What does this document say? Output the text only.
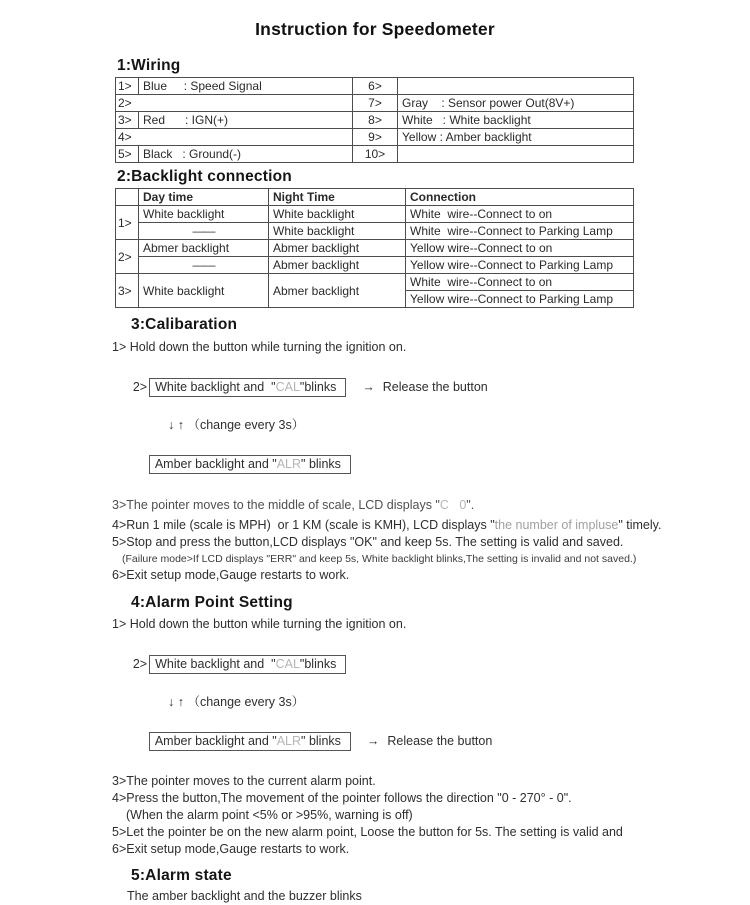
Instruction for Speedometer
1:Wiring
1>	Blue     : Speed Signal	6>	
2>		7>	Gray    : Sensor power Out(8V+)
3>	Red      : IGN(+)	8>	White   : White backlight
4>		9>	Yellow : Amber backlight
5>	Black   : Ground(-)	10>	
2:Backlight connection
	Day time	Night Time	Connection
1>	White backlight	White backlight	White  wire--Connect to on
	——	White backlight	White  wire--Connect to Parking Lamp
2>	Abmer backlight	Abmer backlight	Yellow wire--Connect to on
	——	Abmer backlight	Yellow wire--Connect to Parking Lamp
3>	White backlight	Abmer backlight	White  wire--Connect to on
			Yellow wire--Connect to Parking Lamp
3:Calibaration
1> Hold down the button while turning the ignition on.

2> White backlight and  "CAL"blinks → Release the button

↓ ↑ （change every 3s）

Amber backlight and "ALR" blinks

3>The pointer moves to the middle of scale, LCD displays "C   0".
4>Run 1 mile (scale is MPH)  or 1 KM (scale is KMH), LCD displays "the number of impluse" timely.
5>Stop and press the button,LCD displays "OK" and keep 5s. The setting is valid and saved.
(Failure mode>If LCD displays "ERR" and keep 5s, White backlight blinks,The setting is invalid and not saved.)
6>Exit setup mode,Gauge restarts to work.
4:Alarm Point Setting
1> Hold down the button while turning the ignition on.

2> White backlight and  "CAL"blinks

↓ ↑ （change every 3s）

Amber backlight and "ALR" blinks → Release the button

3>The pointer moves to the current alarm point.
4>Press the button,The movement of the pointer follows the direction "0 - 270° - 0".
(When the alarm point <5% or >95%, warning is off)
5>Let the pointer be on the new alarm point, Loose the button for 5s. The setting is valid and
6>Exit setup mode,Gauge restarts to work.
5:Alarm state
The amber backlight and the buzzer blinks
